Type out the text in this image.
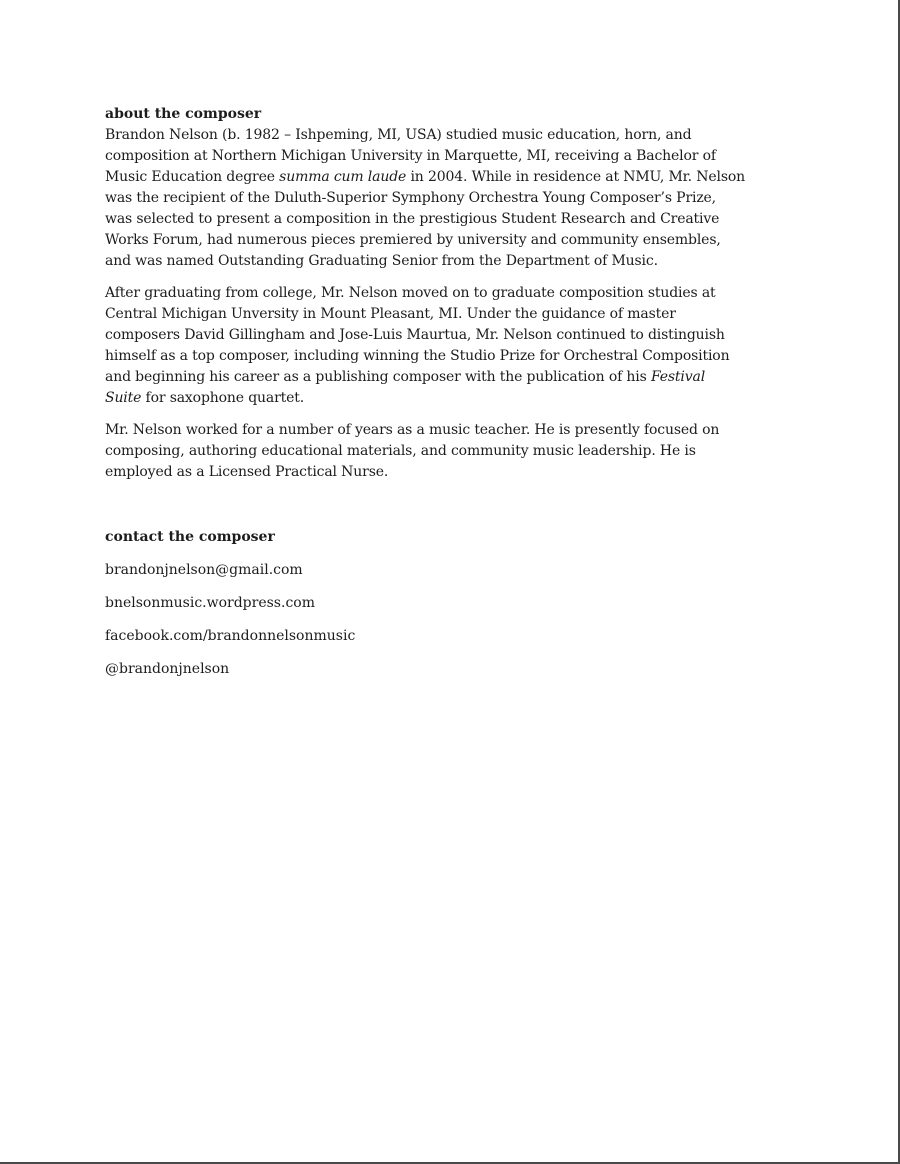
about the composer

Brandon Nelson (b. 1982 – Ishpeming, MI, USA) studied music education, horn, and
composition at Northern Michigan University in Marquette, MI, receiving a Bachelor of
Music Education degree summa cum laude in 2004. While in residence at NMU, Mr. Nelson
was the recipient of the Duluth-Superior Symphony Orchestra Young Composer’s Prize,
was selected to present a composition in the prestigious Student Research and Creative
Works Forum, had numerous pieces premiered by university and community ensembles,
and was named Outstanding Graduating Senior from the Department of Music.

After graduating from college, Mr. Nelson moved on to graduate composition studies at
Central Michigan Unversity in Mount Pleasant, MI. Under the guidance of master
composers David Gillingham and Jose-Luis Maurtua, Mr. Nelson continued to distinguish
himself as a top composer, including winning the Studio Prize for Orchestral Composition
and beginning his career as a publishing composer with the publication of his Festival
Suite for saxophone quartet.

Mr. Nelson worked for a number of years as a music teacher. He is presently focused on
composing, authoring educational materials, and community music leadership. He is
employed as a Licensed Practical Nurse.

contact the composer
brandonjnelson@gmail.com
bnelsonmusic.wordpress.com
facebook.com/brandonnelsonmusic
@brandonjnelson
